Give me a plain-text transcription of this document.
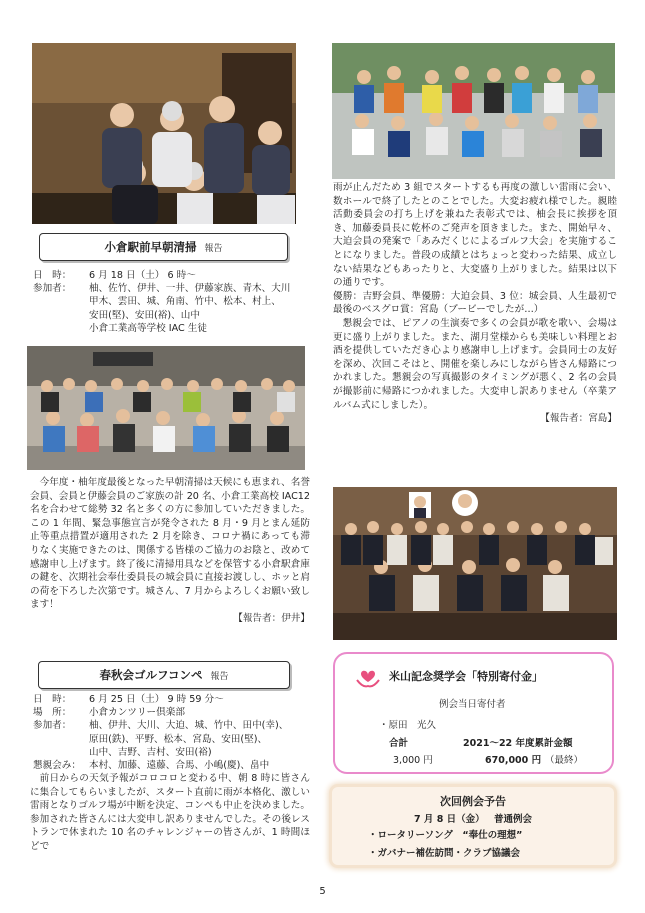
小倉駅前早朝清掃 報告
日　時：	6 月 18 日（土） 6 時～
参加者：	柚、佐竹、伊井、一井、伊藤家族、青木、大川
甲木、雲田、城、角南、竹中、松本、村上、
安田(堅)、安田(裕)、山中
小倉工業高等学校 IAC 生徒

今年度・柚年度最後となった早朝清掃は天候にも恵まれ、名誉会員、会員と伊藤会員のご家族の計 20 名、小倉工業高校 IAC12 名を合わせて総勢 32 名と多くの方に参加していただきました。この 1 年間、緊急事態宣言が発令された 8 月・9 月とまん延防止等重点措置が適用された 2 月を除き、コロナ禍にあっても滞りなく実施できたのは、関係する皆様のご協力のお陰と、改めて感謝申し上げます。終了後に清掃用具などを保管する小倉駅倉庫の鍵を、次期社会奉仕委員長の城会員に直接お渡しし、ホッと肩の荷を下ろした次第です。城さん、7 月からよろしくお願い致します！

【報告者：伊井】
春秋会ゴルフコンペ 報告
日　時：	6 月 25 日（土） 9 時 59 分～
場　所：	小倉カンツリー倶楽部
参加者：	柚、伊井、大川、大迫、城、竹中、田中(幸)、
原田(鉄)、平野、松本、宮島、安田(堅)、
山中、吉野、吉村、安田(裕)
懇親会み： 本村、加藤、遠藤、合馬、小嶋(慶)、畠中

前日からの天気予報がコロコロと変わる中、朝 8 時に皆さんに集合してもらいましたが、スタート直前に雨が本格化、激しい雷雨となりゴルフ場が中断を決定、コンペも中止を決めました。参加された皆さんには大変申し訳ありませんでした。その後レストランで休まれた 10 名のチャレンジャーの皆さんが、1 時間ほどで

雨が止んだため 3 組でスタートするも再度の激しい雷雨に会い、数ホールで終了したとのことでした。大変お疲れ様でした。親睦活動委員会の打ち上げを兼ねた表彰式では、柚会長に挨拶を頂き、加藤委員長に乾杯のご発声を頂きました。また、開始早々、大迫会員の発案で「あみだくじによるゴルフ大会」を実施することになりました。普段の成績とはちょっと変わった結果、成立しない結果などもあったりと、大変盛り上がりました。結果は以下の通りです。

優勝：吉野会員、準優勝：大迫会員、3 位：城会員、人生最初で最後のベスグロ賞：宮島（ブービーでしたが…）

懇親会では、ピアノの生演奏で多くの会員が歌を歌い、会場は更に盛り上がりました。また、湖月堂様からも美味しい料理とお酒を提供していただき心より感謝申し上げます。会員同士の友好を深め、次回こそはと、開催を楽しみにしながら皆さん帰路につかれました。懇親会の写真撮影のタイミングが悪く、2 名の会員が撮影前に帰路につかれました。大変申し訳ありません（卒業アルバム式にしました）。

【報告者：宮島】
米山記念奨学会「特別寄付金」
例会当日寄付者
・原田　光久
合計	2021～22 年度累計金額
3,000 円	670,000 円 （最終）
次回例会予告
7 月 8 日（金） 普通例会
・ロータリーソング　“奉仕の理想”
・ガバナー補佐訪問・クラブ協議会
5
